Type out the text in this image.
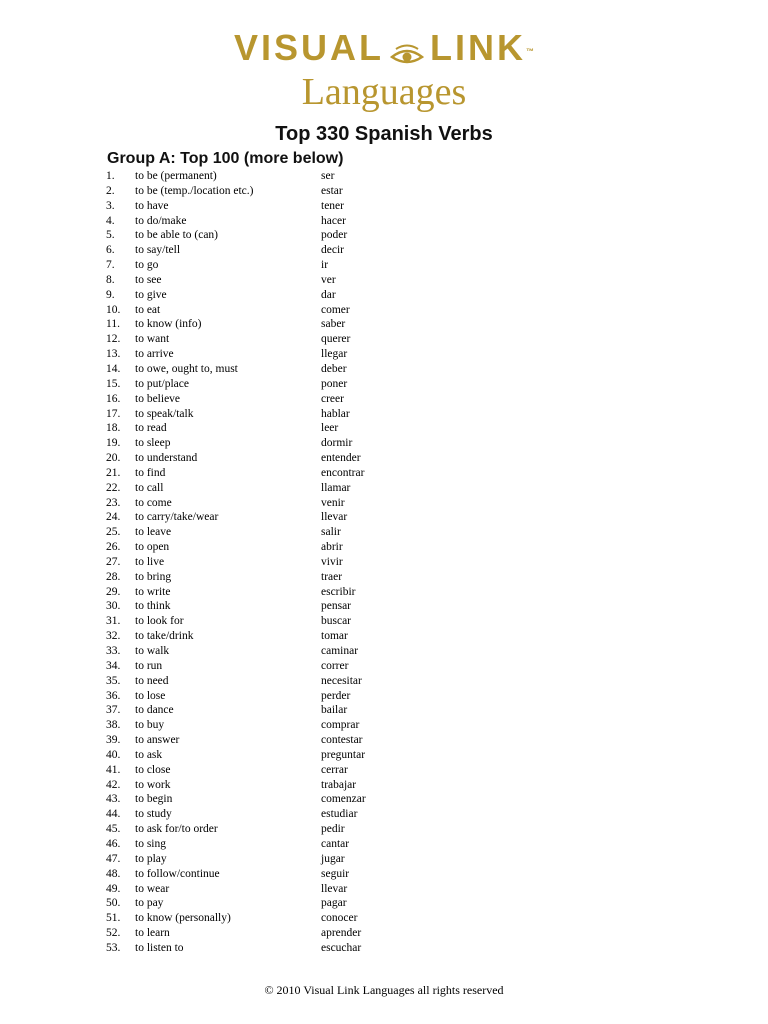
VISUAL LINK™
Languages
Top 330 Spanish Verbs
Group A: Top 100 (more below)
1. to be (permanent)	ser
2. to be (temp./location etc.)	estar
3. to have	tener
4. to do/make	hacer
5. to be able to (can)	poder
6. to say/tell	decir
7. to go	ir
8. to see	ver
9. to give	dar
10. to eat	comer
11. to know (info)	saber
12. to want	querer
13. to arrive	llegar
14. to owe, ought to, must	deber
15. to put/place	poner
16. to believe	creer
17. to speak/talk	hablar
18. to read	leer
19. to sleep	dormir
20. to understand	entender
21. to find	encontrar
22. to call	llamar
23. to come	venir
24. to carry/take/wear	llevar
25. to leave	salir
26. to open	abrir
27. to live	vivir
28. to bring	traer
29. to write	escribir
30. to think	pensar
31. to look for	buscar
32. to take/drink	tomar
33. to walk	caminar
34. to run	correr
35. to need	necesitar
36. to lose	perder
37. to dance	bailar
38. to buy	comprar
39. to answer	contestar
40. to ask	preguntar
41. to close	cerrar
42. to work	trabajar
43. to begin	comenzar
44. to study	estudiar
45. to ask for/to order	pedir
46. to sing	cantar
47. to play	jugar
48. to follow/continue	seguir
49. to wear	llevar
50. to pay	pagar
51. to know (personally)	conocer
52. to learn	aprender
53. to listen to	escuchar
© 2010 Visual Link Languages all rights reserved
